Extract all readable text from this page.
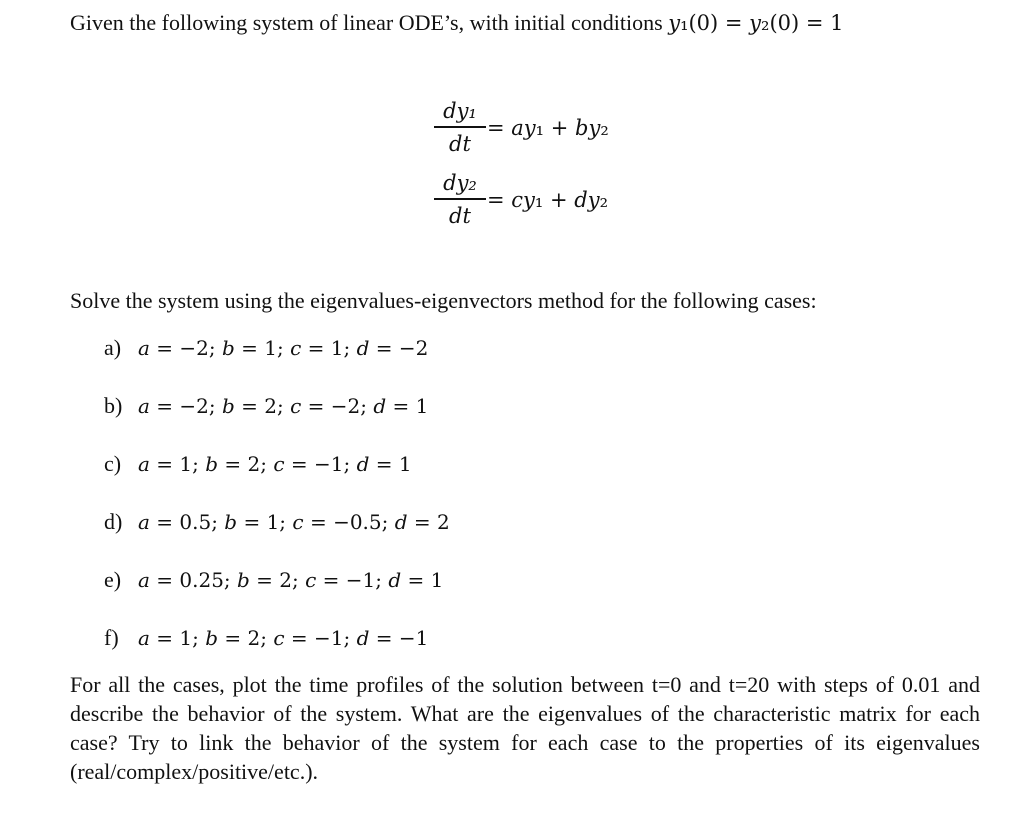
Given the following system of linear ODE’s, with initial conditions 𝑦₁(0) = 𝑦₂(0) = 1
dy₁
dt
= 𝑎𝑦₁ + 𝑏𝑦₂
dy₂
dt
= 𝑐𝑦₁ + 𝑑𝑦₂
Solve the system using the eigenvalues-eigenvectors method for the following cases:
a) 𝑎 = −2; 𝑏 = 1; 𝑐 = 1; 𝑑 = −2
b) 𝑎 = −2; 𝑏 = 2; 𝑐 = −2; 𝑑 = 1
c) 𝑎 = 1; 𝑏 = 2; 𝑐 = −1; 𝑑 = 1
d) 𝑎 = 0.5; 𝑏 = 1; 𝑐 = −0.5; 𝑑 = 2
e) 𝑎 = 0.25; 𝑏 = 2; 𝑐 = −1; 𝑑 = 1
f) 𝑎 = 1; 𝑏 = 2; 𝑐 = −1; 𝑑 = −1
For all the cases, plot the time profiles of the solution between t=0 and t=20 with steps of 0.01 and describe the behavior of the system. What are the eigenvalues of the characteristic matrix for each case? Try to link the behavior of the system for each case to the properties of its eigenvalues (real/complex/positive/etc.).
